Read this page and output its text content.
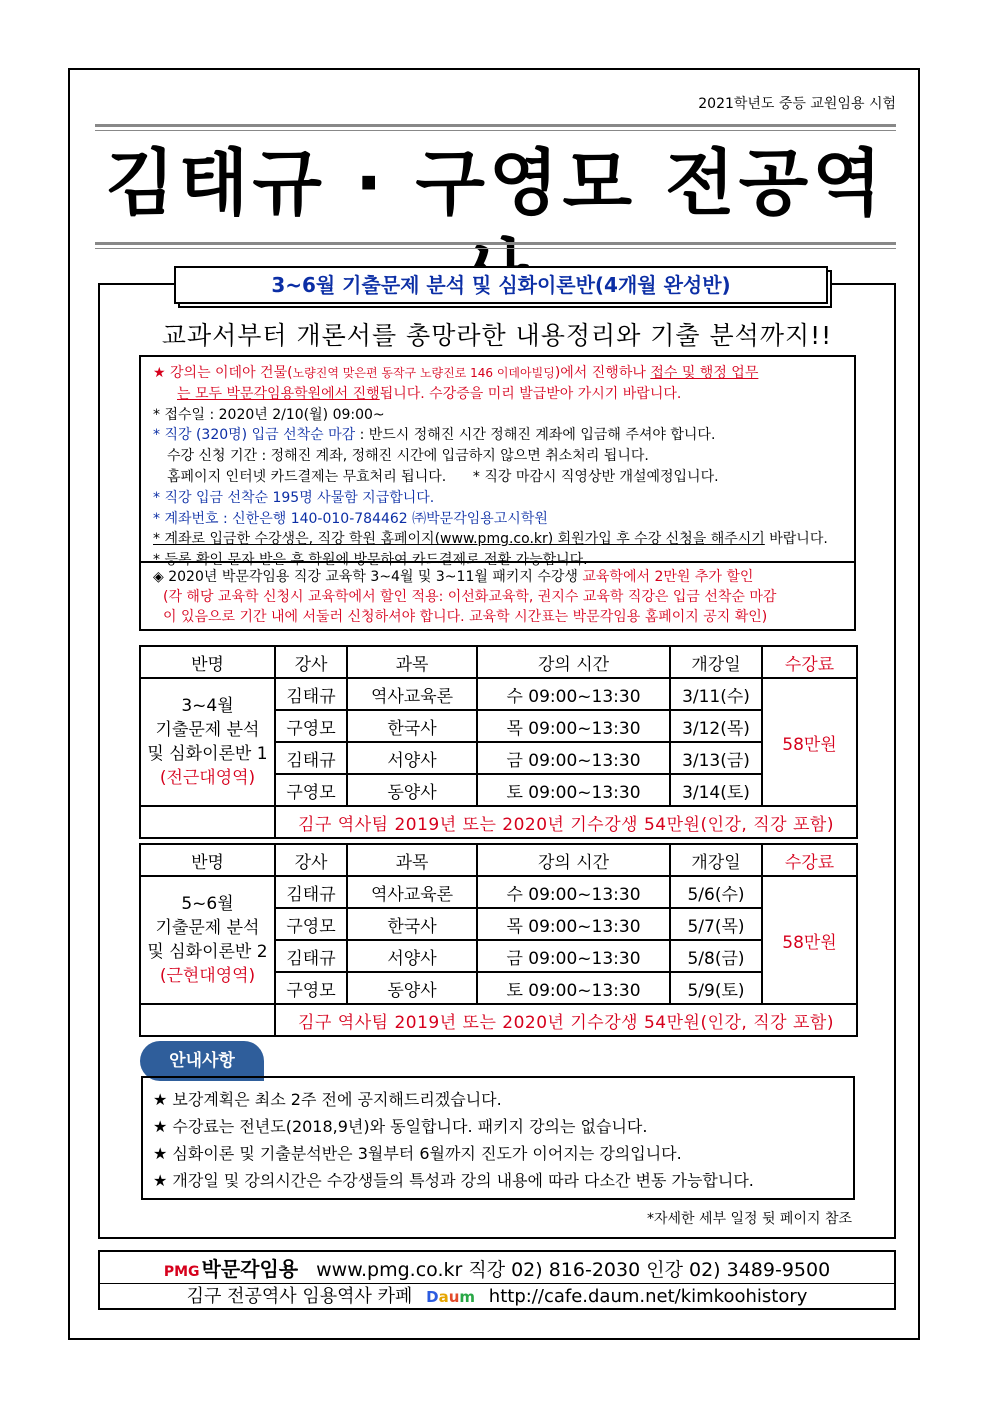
2021학년도 중등 교원임용 시험
김태규 · 구영모 전공역
3~6월 기출문제 분석 및 심화이론반(4개월 완성반)
교과서부터 개론서를 총망라한 내용정리와 기출 분석까지!!
★ 강의는 이데아 건물(노량진역 맞은편 동작구 노량진로 146 이데아빌딩)에서 진행하나 접수 및 행정 업무
는 모두 박문각임용학원에서 진행됩니다. 수강증을 미리 발급받아 가시기 바랍니다.
* 접수일 : 2020년 2/10(월) 09:00~
* 직강 (320명) 입금 선착순 마감 : 반드시 정해진 시간 정해진 계좌에 입금해 주셔야 합니다.
수강 신청 기간 : 정해진 계좌, 정해진 시간에 입금하지 않으면 취소처리 됩니다.
홈페이지 인터넷 카드결제는 무효처리 됩니다. * 직강 마감시 직영상반 개설예정입니다.
* 직강 입금 선착순 195명 사물함 지급합니다.
* 계좌번호 : 신한은행 140-010-784462 ㈜박문각임용고시학원
* 계좌로 입금한 수강생은, 직강 학원 홈페이지(www.pmg.co.kr) 회원가입 후 수강 신청을 해주시기 바랍니다.
* 등록 확인 문자 받은 후 학원에 방문하여 카드결제로 전환 가능합니다.
◈ 2020년 박문각임용 직강 교육학 3~4월 및 3~11월 패키지 수강생 교육학에서 2만원 추가 할인
(각 해당 교육학 신청시 교육학에서 할인 적용: 이선화교육학, 권지수 교육학 직강은 입금 선착순 마감
이 있음으로 기간 내에 서둘러 신청하셔야 합니다. 교육학 시간표는 박문각임용 홈페이지 공지 확인)
반명	강사	과목	강의 시간	개강일	수강료

3~4월
기출문제 분석
및 심화이론반 1
(전근대영역)	김태규	역사교육론	수 09:00~13:30	3/11(수)	58만원
	구영모	한국사	목 09:00~13:30	3/12(목)	
	김태규	서양사	금 09:00~13:30	3/13(금)	
	구영모	동양사	토 09:00~13:30	3/14(토)	
	김구 역사팀 2019년 또는 2020년 기수강생 54만원(인강, 직강 포함)				
반명	강사	과목	강의 시간	개강일	수강료

5~6월
기출문제 분석
및 심화이론반 2
(근현대영역)	김태규	역사교육론	수 09:00~13:30	5/6(수)	58만원
	구영모	한국사	목 09:00~13:30	5/7(목)	
	김태규	서양사	금 09:00~13:30	5/8(금)	
	구영모	동양사	토 09:00~13:30	5/9(토)	
	김구 역사팀 2019년 또는 2020년 기수강생 54만원(인강, 직강 포함)				
안내사항
★ 보강계획은 최소 2주 전에 공지해드리겠습니다.
★ 수강료는 전년도(2018,9년)와 동일합니다. 패키지 강의는 없습니다.
★ 심화이론 및 기출분석반은 3월부터 6월까지 진도가 이어지는 강의입니다.
★ 개강일 및 강의시간은 수강생들의 특성과 강의 내용에 따라 다소간 변동 가능합니다.
*자세한 세부 일정 뒷 페이지 참조
PMG 박문각임용 www.pmg.co.kr 직강 02) 816-2030 인강 02) 3489-9500
김구 전공역사 임용역사 카페 Daum http://cafe.daum.net/kimkoohistory
